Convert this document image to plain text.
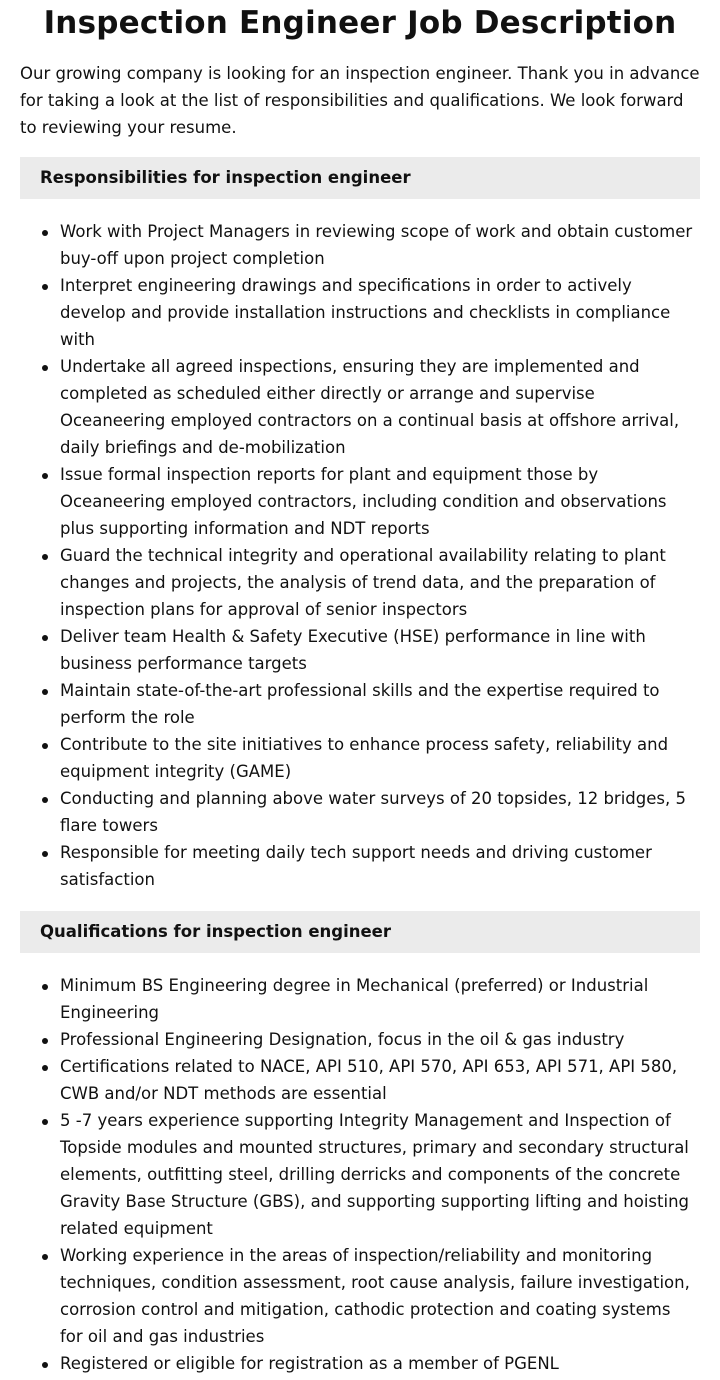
Inspection Engineer Job Description

Our growing company is looking for an inspection engineer. Thank you in advance for taking a look at the list of responsibilities and qualifications. We look forward to reviewing your resume.

Responsibilities for inspection engineer
Work with Project Managers in reviewing scope of work and obtain customer buy-off upon project completion
Interpret engineering drawings and specifications in order to actively develop and provide installation instructions and checklists in compliance with
Undertake all agreed inspections, ensuring they are implemented and completed as scheduled either directly or arrange and supervise Oceaneering employed contractors on a continual basis at offshore arrival, daily briefings and de-mobilization
Issue formal inspection reports for plant and equipment those by Oceaneering employed contractors, including condition and observations plus supporting information and NDT reports
Guard the technical integrity and operational availability relating to plant changes and projects, the analysis of trend data, and the preparation of inspection plans for approval of senior inspectors
Deliver team Health & Safety Executive (HSE) performance in line with business performance targets
Maintain state-of-the-art professional skills and the expertise required to perform the role
Contribute to the site initiatives to enhance process safety, reliability and equipment integrity (GAME)
Conducting and planning above water surveys of 20 topsides, 12 bridges, 5 flare towers
Responsible for meeting daily tech support needs and driving customer satisfaction
Qualifications for inspection engineer
Minimum BS Engineering degree in Mechanical (preferred) or Industrial Engineering
Professional Engineering Designation, focus in the oil & gas industry
Certifications related to NACE, API 510, API 570, API 653, API 571, API 580, CWB and/or NDT methods are essential
5 -7 years experience supporting Integrity Management and Inspection of Topside modules and mounted structures, primary and secondary structural elements, outfitting steel, drilling derricks and components of the concrete Gravity Base Structure (GBS), and supporting supporting lifting and hoisting related equipment
Working experience in the areas of inspection/reliability and monitoring techniques, condition assessment, root cause analysis, failure investigation, corrosion control and mitigation, cathodic protection and coating systems for oil and gas industries
Registered or eligible for registration as a member of PGENL
